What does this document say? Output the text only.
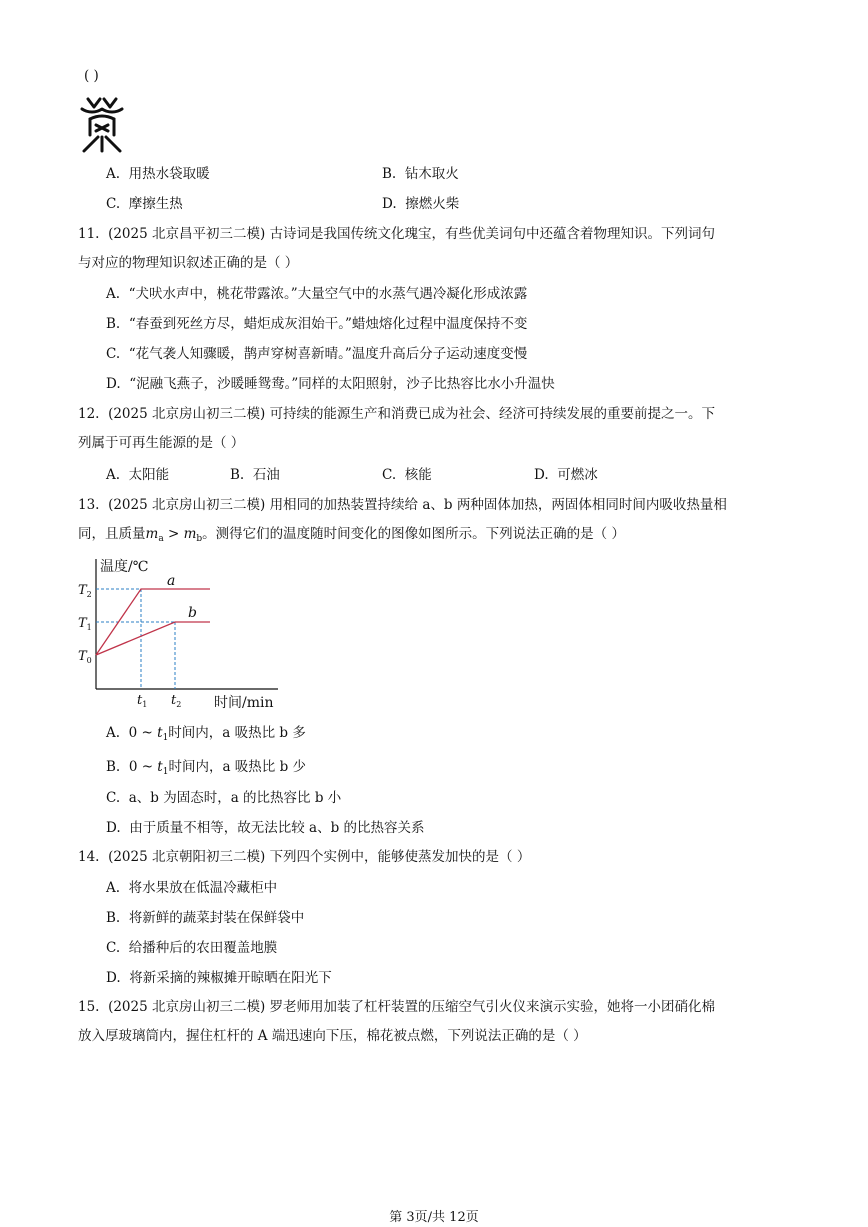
( )
A. 用热水袋取暖	B. 钻木取火
C. 摩擦生热	D. 擦燃火柴
11. (2025 北京昌平初三二模) 古诗词是我国传统文化瑰宝，有些优美词句中还蕴含着物理知识。下列词句
与对应的物理知识叙述正确的是（ ）
A. “犬吠水声中，桃花带露浓。”大量空气中的水蒸气遇冷凝化形成浓露
B. “春蚕到死丝方尽，蜡炬成灰泪始干。”蜡烛熔化过程中温度保持不变
C. “花气袭人知骤暖，鹊声穿树喜新晴。”温度升高后分子运动速度变慢
D. “泥融飞燕子，沙暖睡鸳鸯。”同样的太阳照射，沙子比热容比水小升温快
12. (2025 北京房山初三二模) 可持续的能源生产和消费已成为社会、经济可持续发展的重要前提之一。下
列属于可再生能源的是（ ）
A. 太阳能	B. 石油	C. 核能	D. 可燃冰
13. (2025 北京房山初三二模) 用相同的加热装置持续给 a、b 两种固体加热，两固体相同时间内吸收热量相
同，且质量$m_a > m_b$。测得它们的温度随时间变化的图像如图所示。下列说法正确的是（ ）
a
b
$T_0$
$T_1$
$T_2$
$t_1$ $t_2$
温度/℃
时间/min
A. 0 ~ $t_1$时间内，a 吸热比 b 多
B. 0 ~ $t_1$时间内，a 吸热比 b 少
C. a、b 为固态时，a 的比热容比 b 小
D. 由于质量不相等，故无法比较 a、b 的比热容关系
14. (2025 北京朝阳初三二模) 下列四个实例中，能够使蒸发加快的是（ ）
A. 将水果放在低温冷藏柜中
B. 将新鲜的蔬菜封装在保鲜袋中
C. 给播种后的农田覆盖地膜
D. 将新采摘的辣椒摊开晾晒在阳光下
15. (2025 北京房山初三二模) 罗老师用加装了杠杆装置的压缩空气引火仪来演示实验，她将一小团硝化棉
放入厚玻璃筒内，握住杠杆的 A 端迅速向下压，棉花被点燃，下列说法正确的是（ ）
第 3页/共 12页
